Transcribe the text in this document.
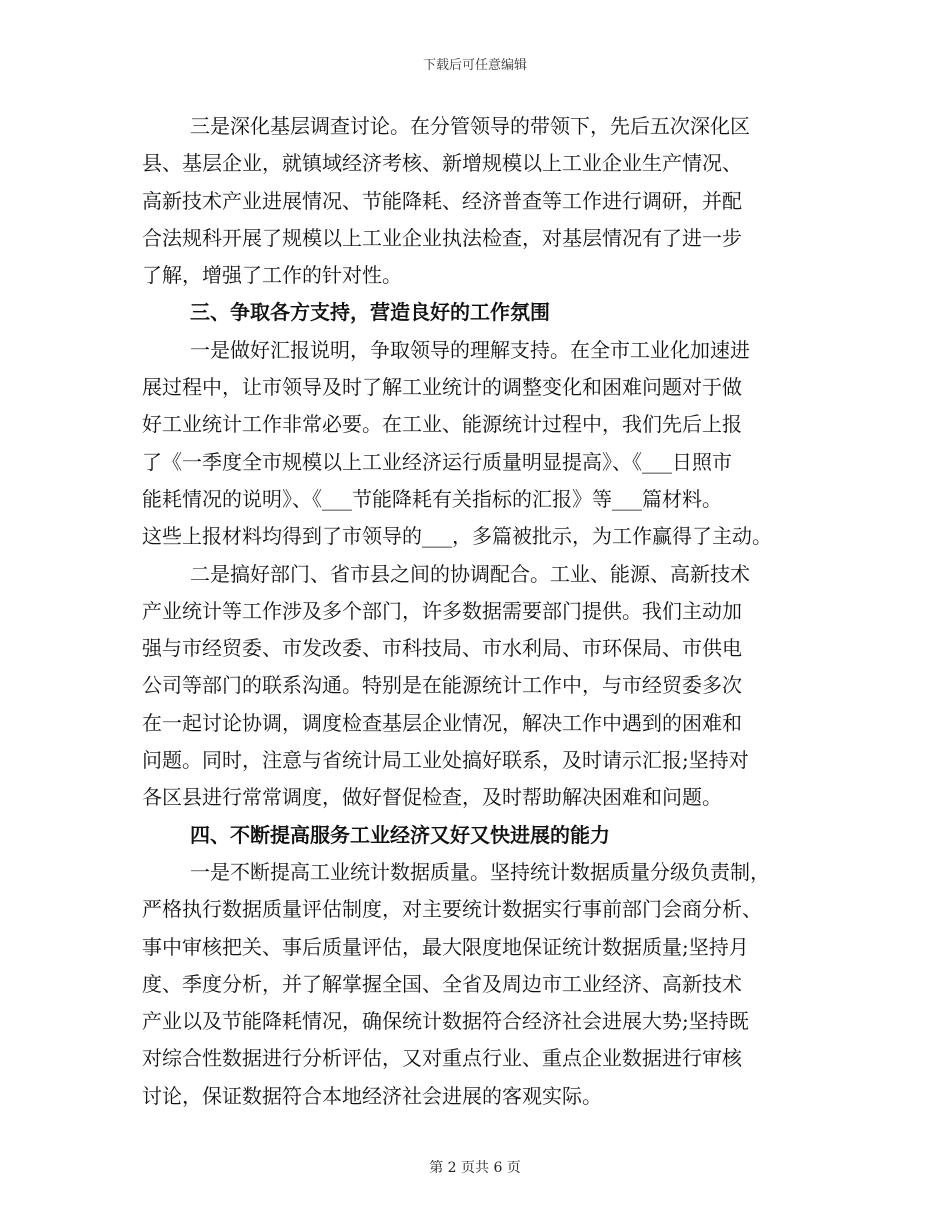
下载后可任意编辑
三是深化基层调查讨论。在分管领导的带领下，先后五次深化区
县、基层企业，就镇域经济考核、新增规模以上工业企业生产情况、
高新技术产业进展情况、节能降耗、经济普查等工作进行调研，并配
合法规科开展了规模以上工业企业执法检查，对基层情况有了进一步
了解，增强了工作的针对性。
三、争取各方支持，营造良好的工作氛围
一是做好汇报说明，争取领导的理解支持。在全市工业化加速进
展过程中，让市领导及时了解工业统计的调整变化和困难问题对于做
好工业统计工作非常必要。在工业、能源统计过程中，我们先后上报
了《一季度全市规模以上工业经济运行质量明显提高》、《___日照市
能耗情况的说明》、《___节能降耗有关指标的汇报》等___篇材料。
这些上报材料均得到了市领导的___，多篇被批示，为工作赢得了主动。
二是搞好部门、省市县之间的协调配合。工业、能源、高新技术
产业统计等工作涉及多个部门，许多数据需要部门提供。我们主动加
强与市经贸委、市发改委、市科技局、市水利局、市环保局、市供电
公司等部门的联系沟通。特别是在能源统计工作中，与市经贸委多次
在一起讨论协调，调度检查基层企业情况，解决工作中遇到的困难和
问题。同时，注意与省统计局工业处搞好联系，及时请示汇报;坚持对
各区县进行常常调度，做好督促检查，及时帮助解决困难和问题。
四、不断提高服务工业经济又好又快进展的能力
一是不断提高工业统计数据质量。坚持统计数据质量分级负责制，
严格执行数据质量评估制度，对主要统计数据实行事前部门会商分析、
事中审核把关、事后质量评估，最大限度地保证统计数据质量;坚持月
度、季度分析，并了解掌握全国、全省及周边市工业经济、高新技术
产业以及节能降耗情况，确保统计数据符合经济社会进展大势;坚持既
对综合性数据进行分析评估，又对重点行业、重点企业数据进行审核
讨论，保证数据符合本地经济社会进展的客观实际。
第 2 页共 6 页
